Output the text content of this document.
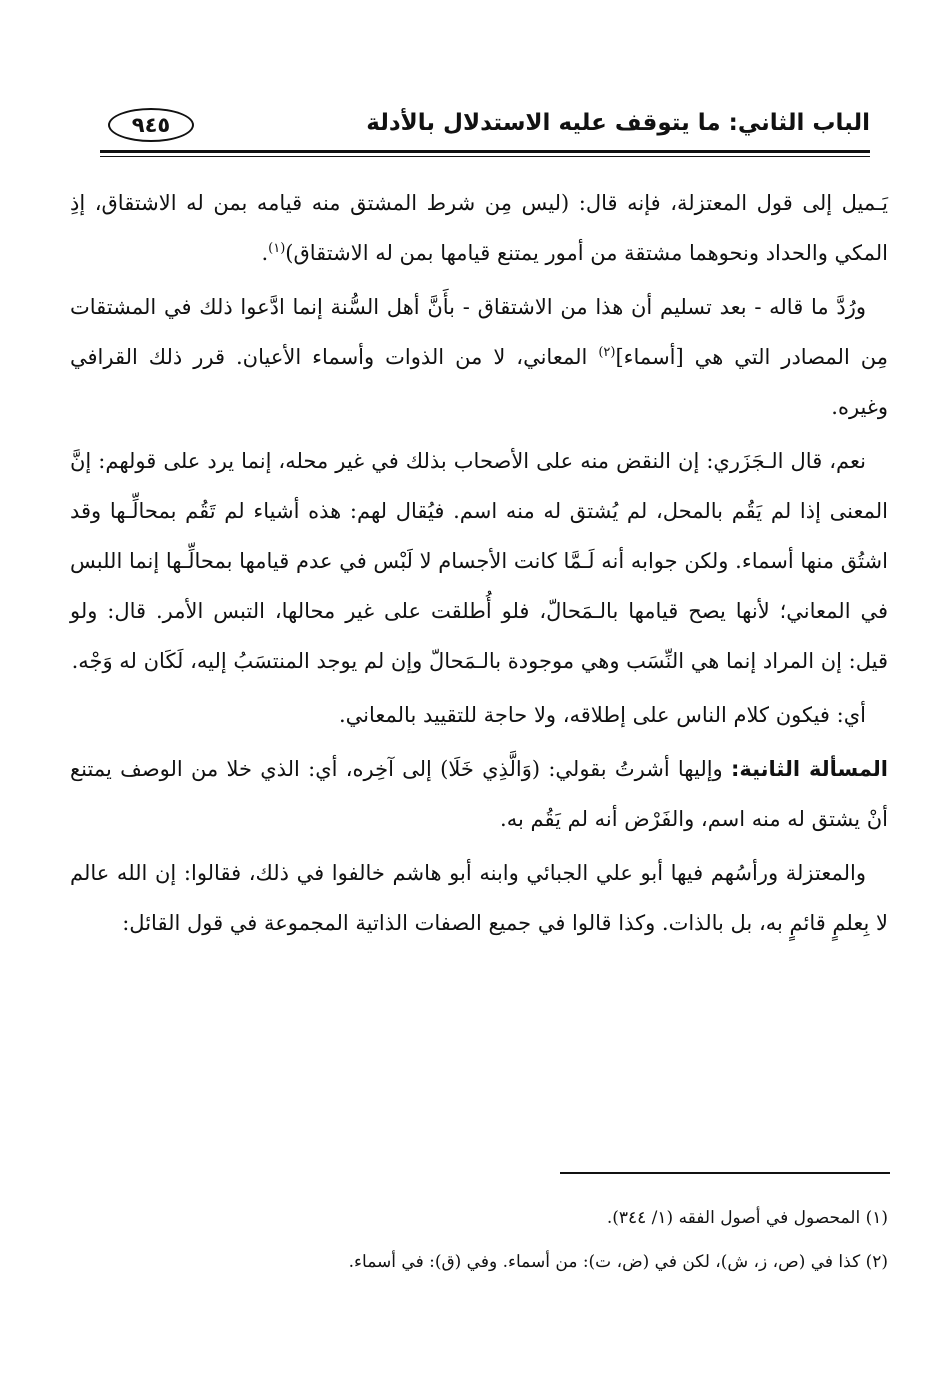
الباب الثاني: ما يتوقف عليه الاستدلال بالأدلة
٩٤٥

يَـميل إلى قول المعتزلة، فإنه قال: (ليس مِن شرط المشتق منه قيامه بمن له الاشتقاق، إذِ المكي والحداد ونحوهما مشتقة من أمور يمتنع قيامها بمن له الاشتقاق)$^{(١)}$.

ورُدَّ ما قاله - بعد تسليم أن هذا من الاشتقاق - بأَنَّ أهل السُّنة إنما ادَّعوا ذلك في المشتقات مِن المصادر التي هي [أسماء]$^{(٢)}$ المعاني، لا من الذوات وأسماء الأعيان. قرر ذلك القرافي وغيره.

نعم، قال الـجَزَري: إن النقض منه على الأصحاب بذلك في غير محله، إنما يرد على قولهم: إنَّ المعنى إذا لم يَقُم بالمحل، لم يُشتق له منه اسم. فيُقال لهم: هذه أشياء لم تَقُم بمحالِّـها وقد اشتُق منها أسماء. ولكن جوابه أنه لَـمَّا كانت الأجسام لا لَبْس في عدم قيامها بمحالِّـها إنما اللبس في المعاني؛ لأنها يصح قيامها بالـمَحالّ، فلو أُطلقت على غير محالها، التبس الأمر. قال: ولو قيل: إن المراد إنما هي النِّسَب وهي موجودة بالـمَحالّ وإن لم يوجد المنتسَبُ إليه، لَكَان له وَجْه.

أي: فيكون كلام الناس على إطلاقه، ولا حاجة للتقييد بالمعاني.

المسألة الثانية: وإليها أشرتُ بقولي: (وَالَّذِي خَلَا) إلى آخِره، أي: الذي خلا من الوصف يمتنع أنْ يشتق له منه اسم، والفَرْض أنه لم يَقُم به.

والمعتزلة ورأسُهم فيها أبو علي الجبائي وابنه أبو هاشم خالفوا في ذلك، فقالوا: إن الله عالم لا بِعلمٍ قائمٍ به، بل بالذات. وكذا قالوا في جميع الصفات الذاتية المجموعة في قول القائل:

(١) المحصول في أصول الفقه (١/ ٣٤٤).

(٢) كذا في (ص، ز، ش)، لكن في (ض، ت): من أسماء. وفي (ق): في أسماء.
